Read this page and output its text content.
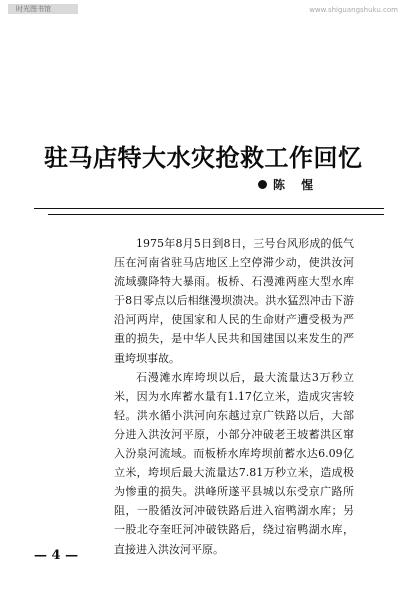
时光图书馆	www.shiguangshuku.com
驻马店特大水灾抢救工作回忆
陈 惺

1975年8月5日到8日，三号台风形成的低气压在河南省驻马店地区上空停滞少动，使洪汝河流域骤降特大暴雨。板桥、石漫滩两座大型水库于8日零点以后相继漫坝溃决。洪水猛烈冲击下游沿河两岸，使国家和人民的生命财产遭受极为严重的损失，是中华人民共和国建国以来发生的严重垮坝事故。

石漫滩水库垮坝以后，最大流量达3万秒立米，因为水库蓄水量有1.17亿立米，造成灾害较轻。洪水循小洪河向东越过京广铁路以后，大部分进入洪汝河平原，小部分冲破老王坡蓄洪区窜入汾泉河流域。而板桥水库垮坝前蓄水达6.09亿立米，垮坝后最大流量达7.81万秒立米，造成极为惨重的损失。洪峰所遂平县城以东受京广路所阻，一股循汝河冲破铁路后进入宿鸭湖水库；另一股北夺奎旺河冲破铁路后，绕过宿鸭湖水库，直接进入洪汝河平原。

— 4 —
